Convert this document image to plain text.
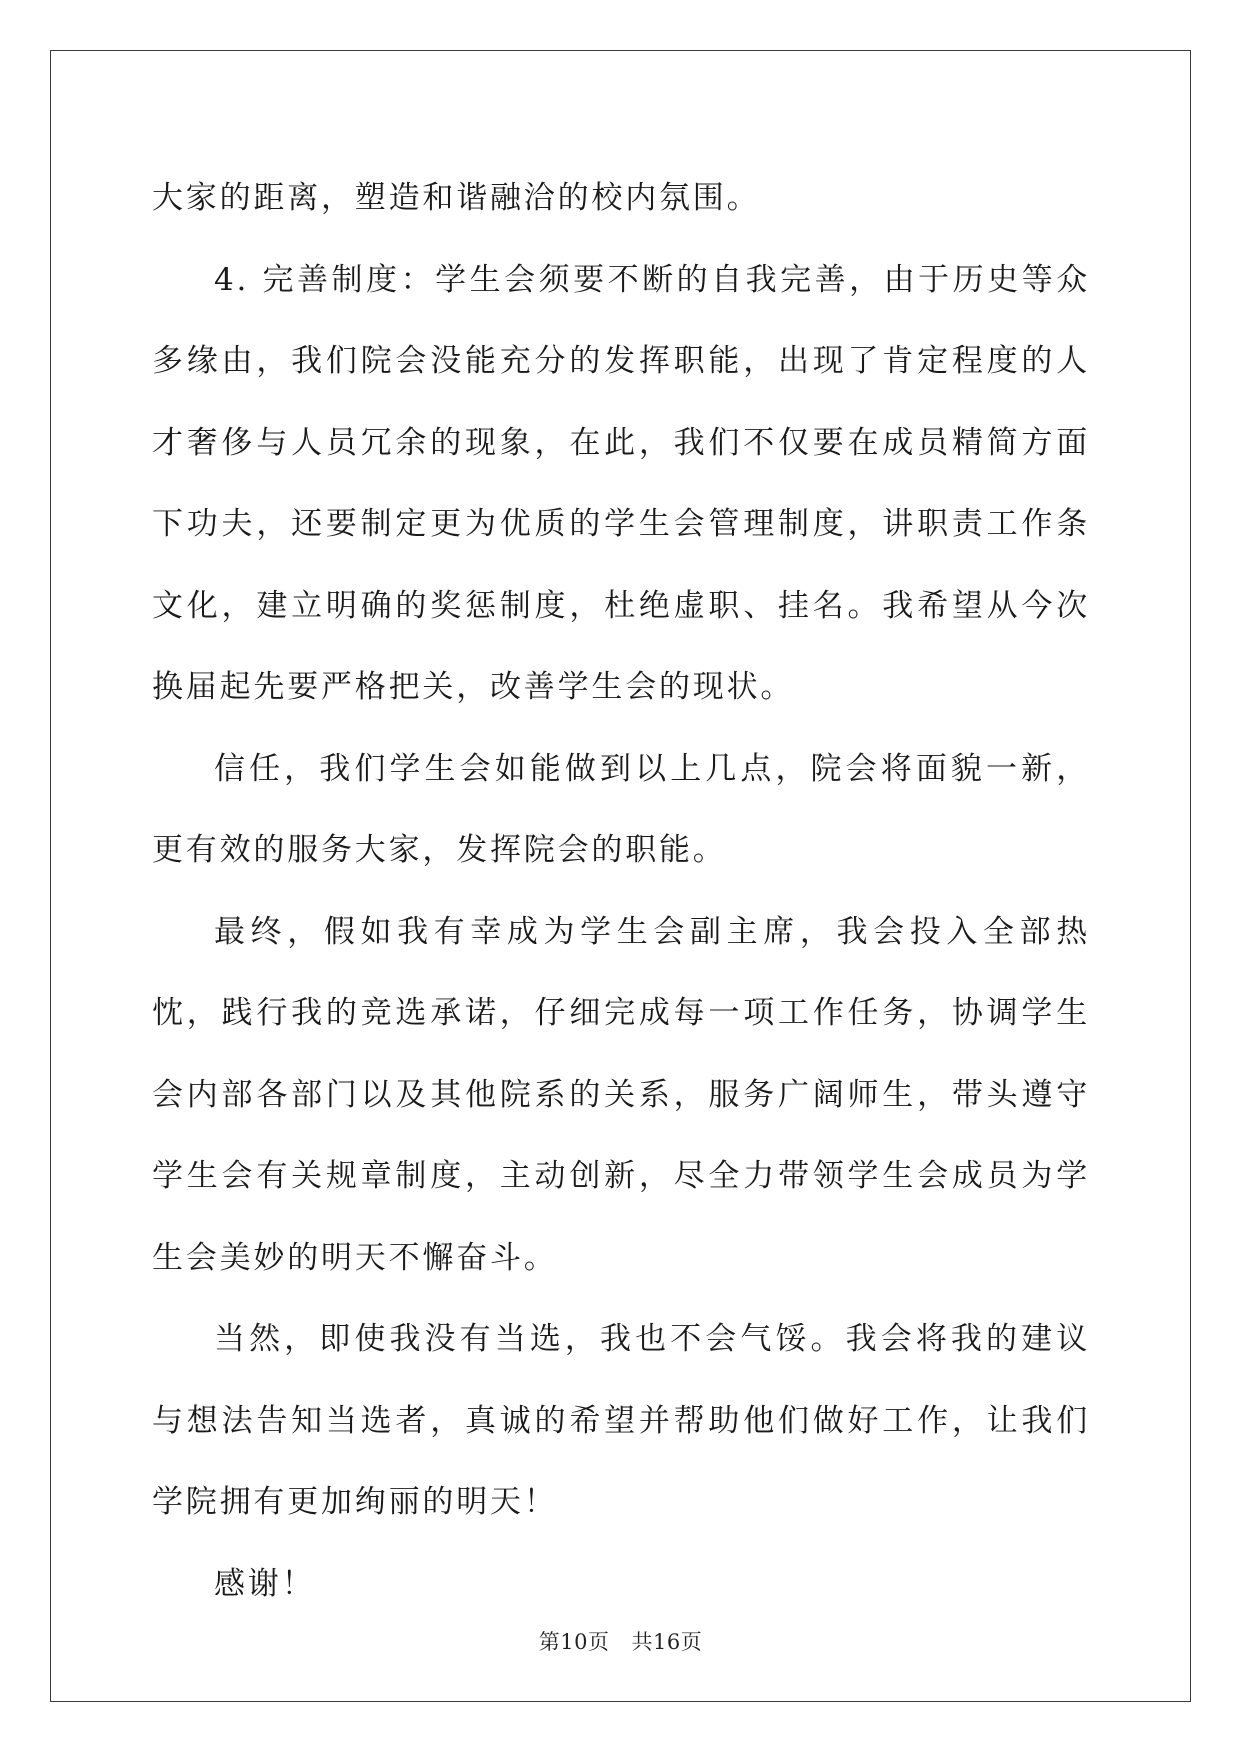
大家的距离，塑造和谐融洽的校内氛围。

4. 完善制度：学生会须要不断的自我完善，由于历史等众多缘由，我们院会没能充分的发挥职能，出现了肯定程度的人才奢侈与人员冗余的现象，在此，我们不仅要在成员精简方面下功夫，还要制定更为优质的学生会管理制度，讲职责工作条文化，建立明确的奖惩制度，杜绝虚职、挂名。我希望从今次换届起先要严格把关，改善学生会的现状。

信任，我们学生会如能做到以上几点，院会将面貌一新，更有效的服务大家，发挥院会的职能。

最终，假如我有幸成为学生会副主席，我会投入全部热忱，践行我的竞选承诺，仔细完成每一项工作任务，协调学生会内部各部门以及其他院系的关系，服务广阔师生，带头遵守学生会有关规章制度，主动创新，尽全力带领学生会成员为学生会美妙的明天不懈奋斗。

当然，即使我没有当选，我也不会气馁。我会将我的建议与想法告知当选者，真诚的希望并帮助他们做好工作，让我们学院拥有更加绚丽的明天！

感谢！

第10页 共16页
